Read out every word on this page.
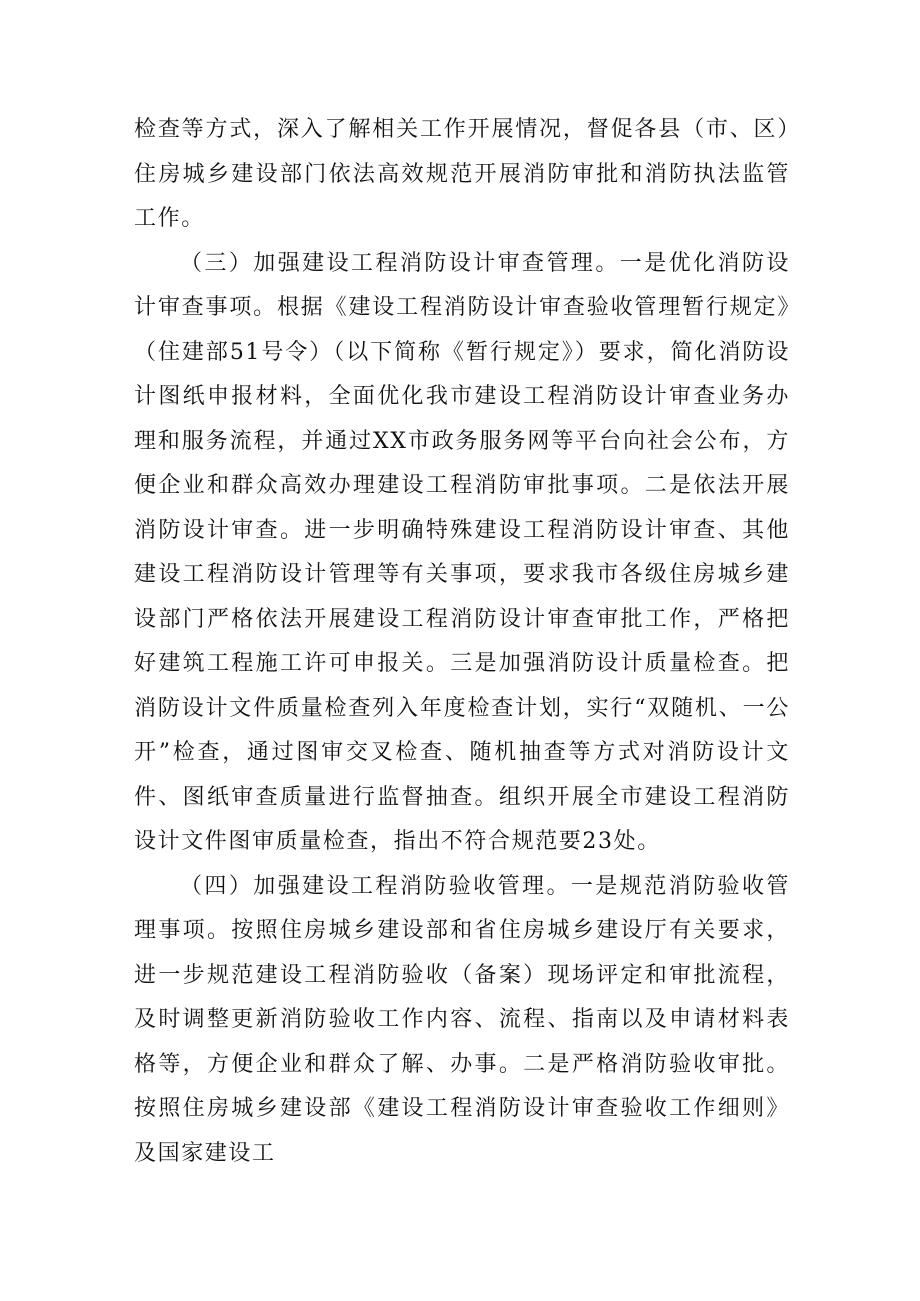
检查等方式，深入了解相关工作开展情况，督促各县（市、区）住房城乡建设部门依法高效规范开展消防审批和消防执法监管工作。

（三）加强建设工程消防设计审查管理。一是优化消防设计审查事项。根据《建设工程消防设计审查验收管理暂行规定》（住建部51号令）（以下简称《暂行规定》）要求，简化消防设计图纸申报材料，全面优化我市建设工程消防设计审查业务办理和服务流程，并通过XX市政务服务网等平台向社会公布，方便企业和群众高效办理建设工程消防审批事项。二是依法开展消防设计审查。进一步明确特殊建设工程消防设计审查、其他建设工程消防设计管理等有关事项，要求我市各级住房城乡建设部门严格依法开展建设工程消防设计审查审批工作，严格把好建筑工程施工许可申报关。三是加强消防设计质量检查。把消防设计文件质量检查列入年度检查计划，实行“双随机、一公开”检查，通过图审交叉检查、随机抽查等方式对消防设计文件、图纸审查质量进行监督抽查。组织开展全市建设工程消防设计文件图审质量检查，指出不符合规范要23处。

（四）加强建设工程消防验收管理。一是规范消防验收管理事项。按照住房城乡建设部和省住房城乡建设厅有关要求，进一步规范建设工程消防验收（备案）现场评定和审批流程，及时调整更新消防验收工作内容、流程、指南以及申请材料表格等，方便企业和群众了解、办事。二是严格消防验收审批。按照住房城乡建设部《建设工程消防设计审查验收工作细则》及国家建设工
